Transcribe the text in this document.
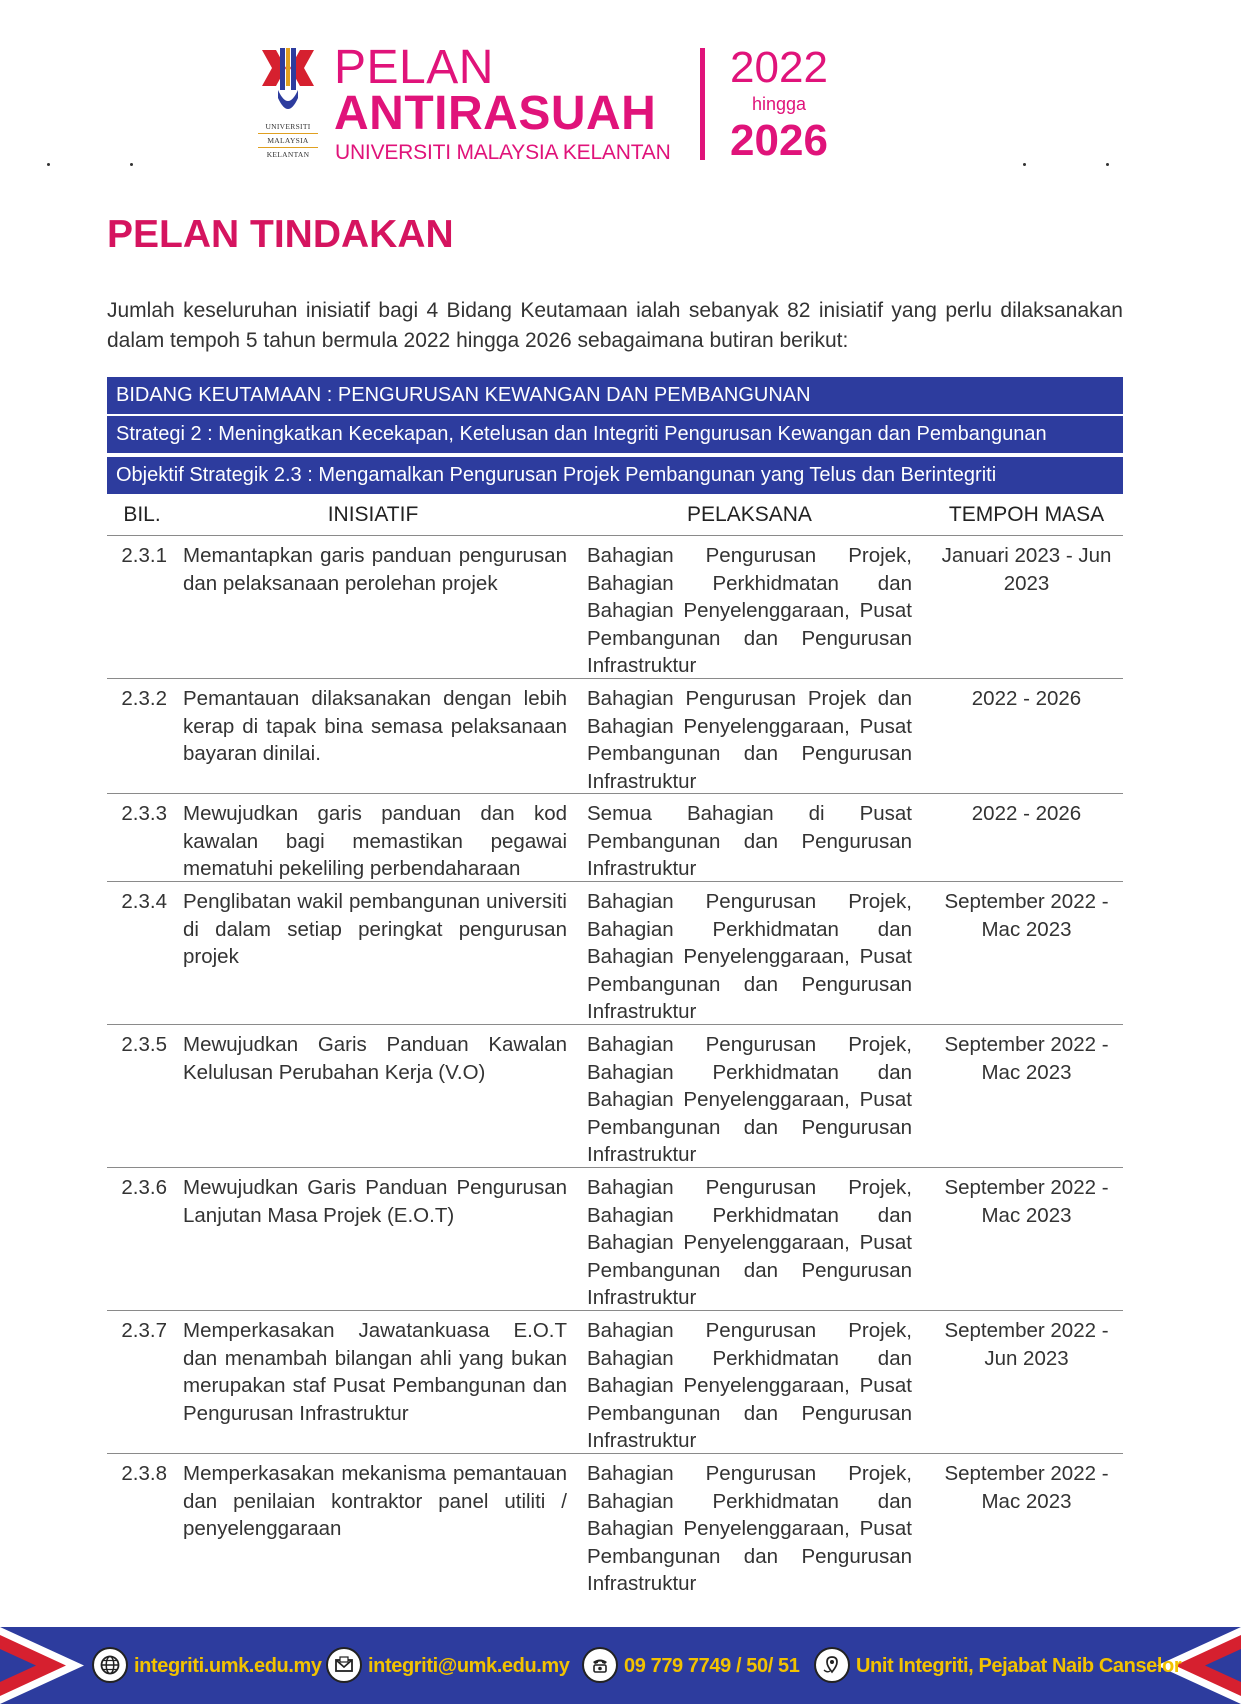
UNIVERSITI
MALAYSIA
KELANTAN
PELAN
ANTIRASUAH
UNIVERSITI MALAYSIA KELANTAN
2022
hingga
2026
PELAN TINDAKAN

Jumlah keseluruhan inisiatif bagi 4 Bidang Keutamaan ialah sebanyak 82 inisiatif yang perlu dilaksanakan dalam tempoh 5 tahun bermula 2022 hingga 2026 sebagaimana butiran berikut:

BIDANG KEUTAMAAN : PENGURUSAN KEWANGAN DAN PEMBANGUNAN
Strategi 2 : Meningkatkan Kecekapan, Ketelusan dan Integriti Pengurusan Kewangan dan Pembangunan
Objektif Strategik 2.3 : Mengamalkan Pengurusan Projek Pembangunan yang Telus dan Berintegriti
BIL.	INISIATIF	PELAKSANA	TEMPOH MASA
2.3.1 Memantapkan garis panduan pengurusan dan pelaksanaan perolehan projek
Bahagian Pengurusan Projek, Bahagian Perkhidmatan dan Bahagian Penyelenggaraan, Pusat Pembangunan dan Pengurusan Infrastruktur
Januari 2023 - Jun 2023
2.3.2 Pemantauan dilaksanakan dengan lebih kerap di tapak bina semasa pelaksanaan bayaran dinilai.
Bahagian Pengurusan Projek dan Bahagian Penyelenggaraan, Pusat Pembangunan dan Pengurusan Infrastruktur
2022 - 2026
2.3.3 Mewujudkan garis panduan dan kod kawalan bagi memastikan pegawai mematuhi pekeliling perbendaharaan
Semua Bahagian di Pusat Pembangunan dan Pengurusan Infrastruktur
2022 - 2026
2.3.4 Penglibatan wakil pembangunan universiti di dalam setiap peringkat pengurusan projek
Bahagian Pengurusan Projek, Bahagian Perkhidmatan dan Bahagian Penyelenggaraan, Pusat Pembangunan dan Pengurusan Infrastruktur
September 2022 - Mac 2023
2.3.5 Mewujudkan Garis Panduan Kawalan Kelulusan Perubahan Kerja (V.O)
Bahagian Pengurusan Projek, Bahagian Perkhidmatan dan Bahagian Penyelenggaraan, Pusat Pembangunan dan Pengurusan Infrastruktur
September 2022 - Mac 2023
2.3.6 Mewujudkan Garis Panduan Pengurusan Lanjutan Masa Projek (E.O.T)
Bahagian Pengurusan Projek, Bahagian Perkhidmatan dan Bahagian Penyelenggaraan, Pusat Pembangunan dan Pengurusan Infrastruktur
September 2022 - Mac 2023
2.3.7 Memperkasakan Jawatankuasa E.O.T dan menambah bilangan ahli yang bukan merupakan staf Pusat Pembangunan dan Pengurusan Infrastruktur
Bahagian Pengurusan Projek, Bahagian Perkhidmatan dan Bahagian Penyelenggaraan, Pusat Pembangunan dan Pengurusan Infrastruktur
September 2022 - Jun 2023
2.3.8 Memperkasakan mekanisma pemantauan dan penilaian kontraktor panel utiliti / penyelenggaraan
Bahagian Pengurusan Projek, Bahagian Perkhidmatan dan Bahagian Penyelenggaraan, Pusat Pembangunan dan Pengurusan Infrastruktur
September 2022 - Mac 2023
integriti.umk.edu.my integriti@umk.edu.my	09 779 7749 / 50/ 51	Unit Integriti, Pejabat Naib Canselor
